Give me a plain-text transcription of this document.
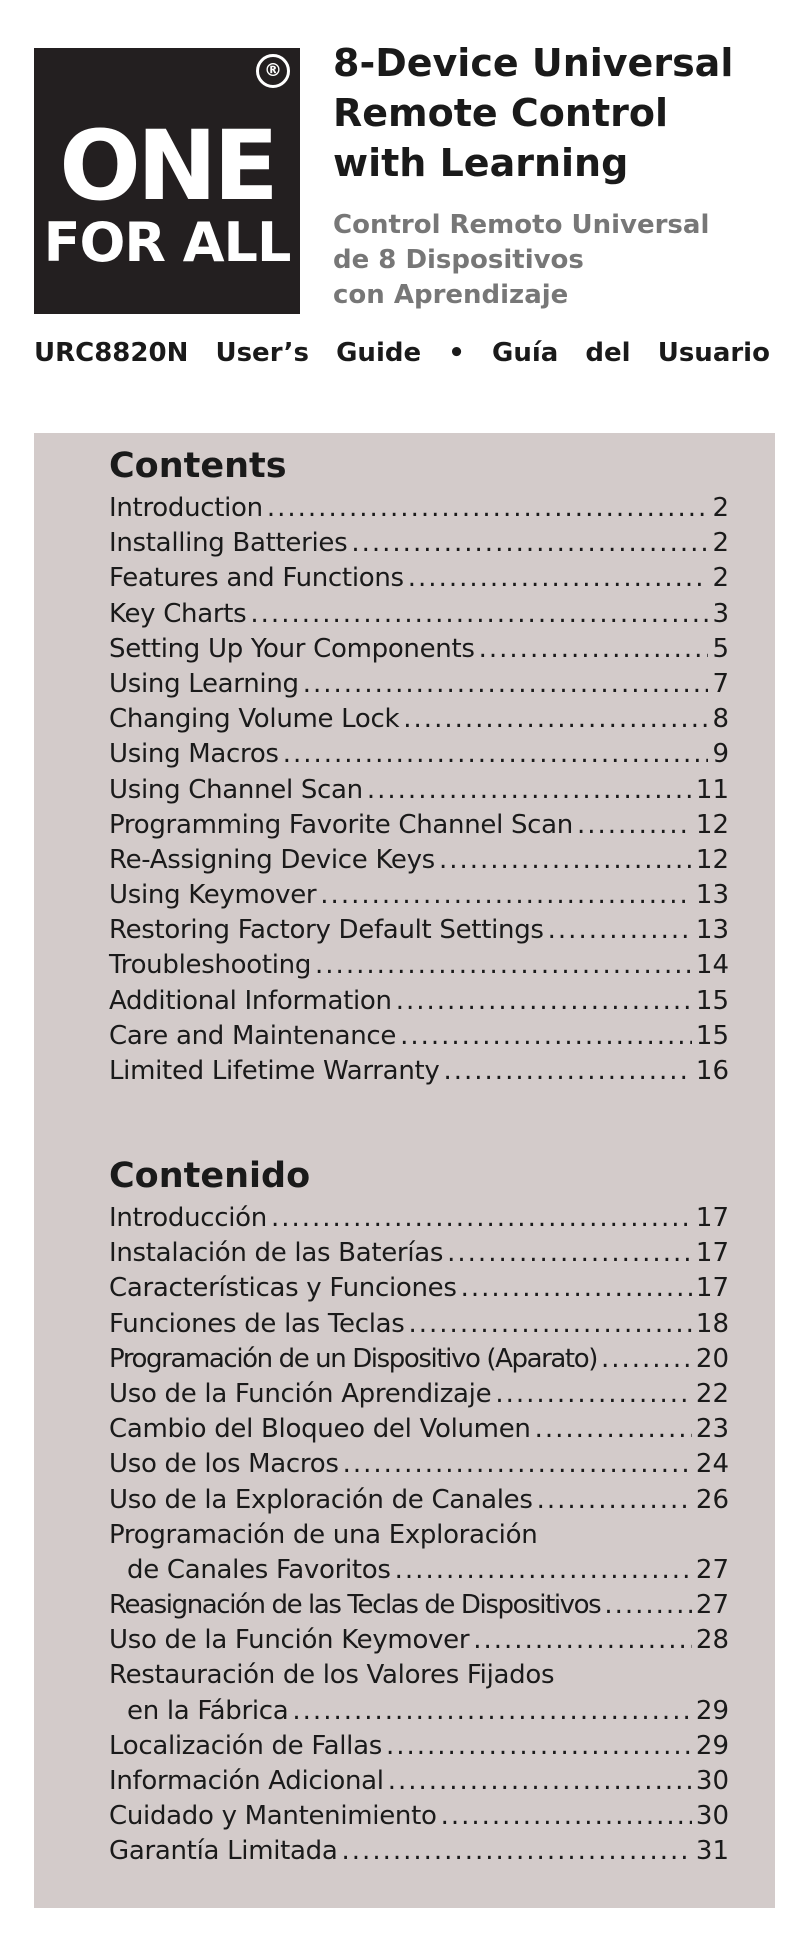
®
ONE
FOR ALL
8-Device Universal
Remote Control
with Learning
Control Remoto Universal
de 8 Dispositivos
con Aprendizaje
URC8820N User’s Guide • Guía del Usuario
Contents
Introduction .....	2
Installing Batteries .....	2
Features and Functions .....	2
Key Charts .....	3
Setting Up Your Components .....	5
Using Learning .....	7
Changing Volume Lock .....	8
Using Macros .....	9
Using Channel Scan .....	11
Programming Favorite Channel Scan .....	12
Re-Assigning Device Keys .....	12
Using Keymover .....	13
Restoring Factory Default Settings .....	13
Troubleshooting .....	14
Additional Information .....	15
Care and Maintenance .....	15
Limited Lifetime Warranty .....	16
Contenido
Introducción .....	17
Instalación de las Baterías .....	17
Características y Funciones .....	17
Funciones de las Teclas .....	18
Programación de un Dispositivo (Aparato) .....	20
Uso de la Función Aprendizaje .....	22
Cambio del Bloqueo del Volumen .....	23
Uso de los Macros .....	24
Uso de la Exploración de Canales .....	26
Programación de una Exploración
de Canales Favoritos .....	27
Reasignación de las Teclas de Dispositivos .....	27
Uso de la Función Keymover .....	28
Restauración de los Valores Fijados
en la Fábrica .....	29
Localización de Fallas .....	29
Información Adicional .....	30
Cuidado y Mantenimiento .....	30
Garantía Limitada .....	31
